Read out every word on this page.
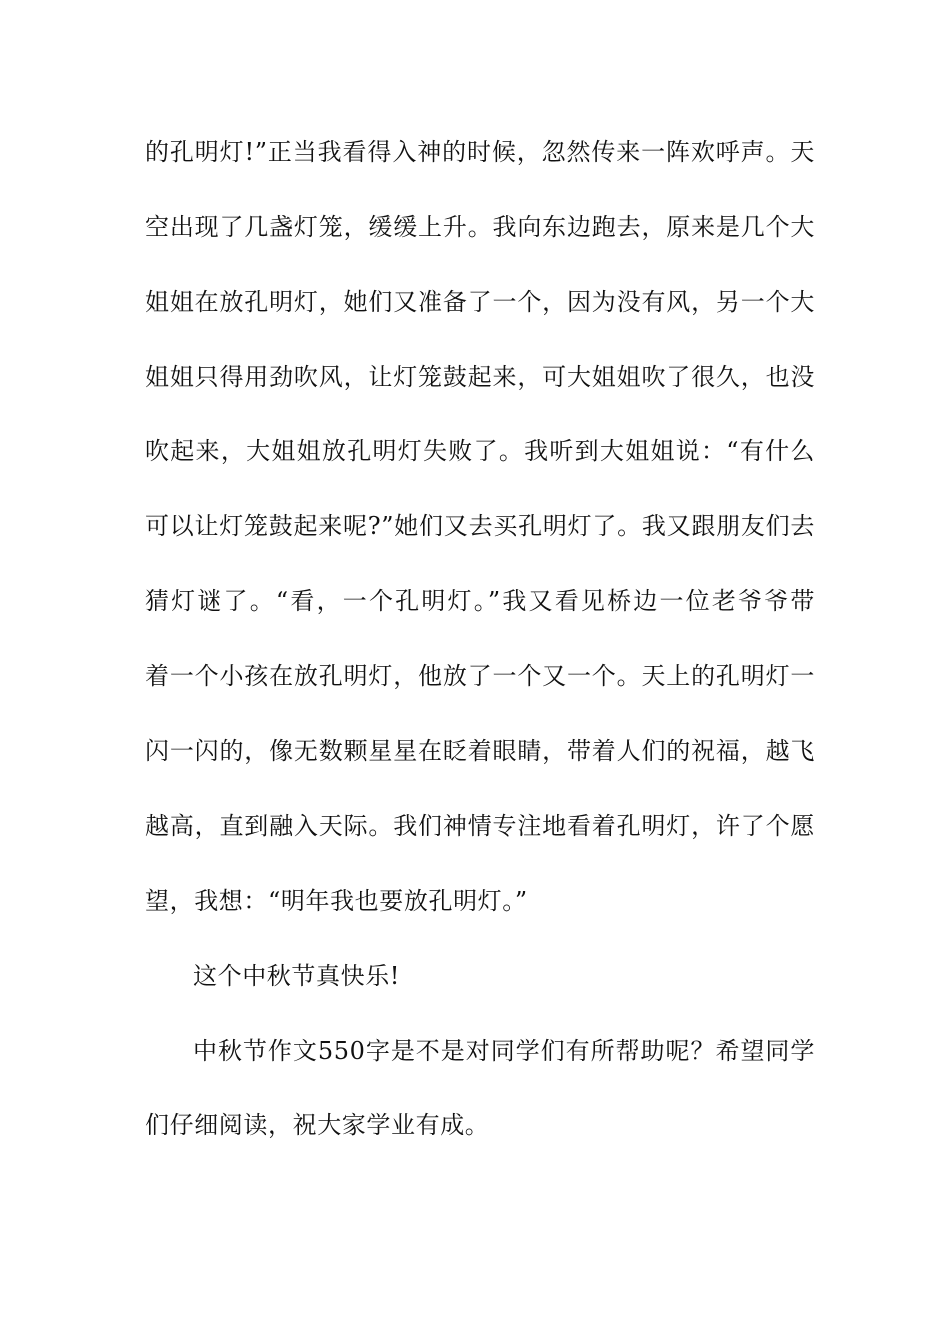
的孔明灯!”正当我看得入神的时候，忽然传来一阵欢呼声。天
空出现了几盏灯笼，缓缓上升。我向东边跑去，原来是几个大
姐姐在放孔明灯，她们又准备了一个，因为没有风，另一个大
姐姐只得用劲吹风，让灯笼鼓起来，可大姐姐吹了很久，也没
吹起来，大姐姐放孔明灯失败了。我听到大姐姐说：“有什么
可以让灯笼鼓起来呢?”她们又去买孔明灯了。我又跟朋友们去
猜灯谜了。“看，一个孔明灯。”我又看见桥边一位老爷爷带
着一个小孩在放孔明灯，他放了一个又一个。天上的孔明灯一
闪一闪的，像无数颗星星在眨着眼睛，带着人们的祝福，越飞
越高，直到融入天际。我们神情专注地看着孔明灯，许了个愿
望，我想：“明年我也要放孔明灯。”
这个中秋节真快乐!
中秋节作文550字是不是对同学们有所帮助呢？希望同学
们仔细阅读，祝大家学业有成。
